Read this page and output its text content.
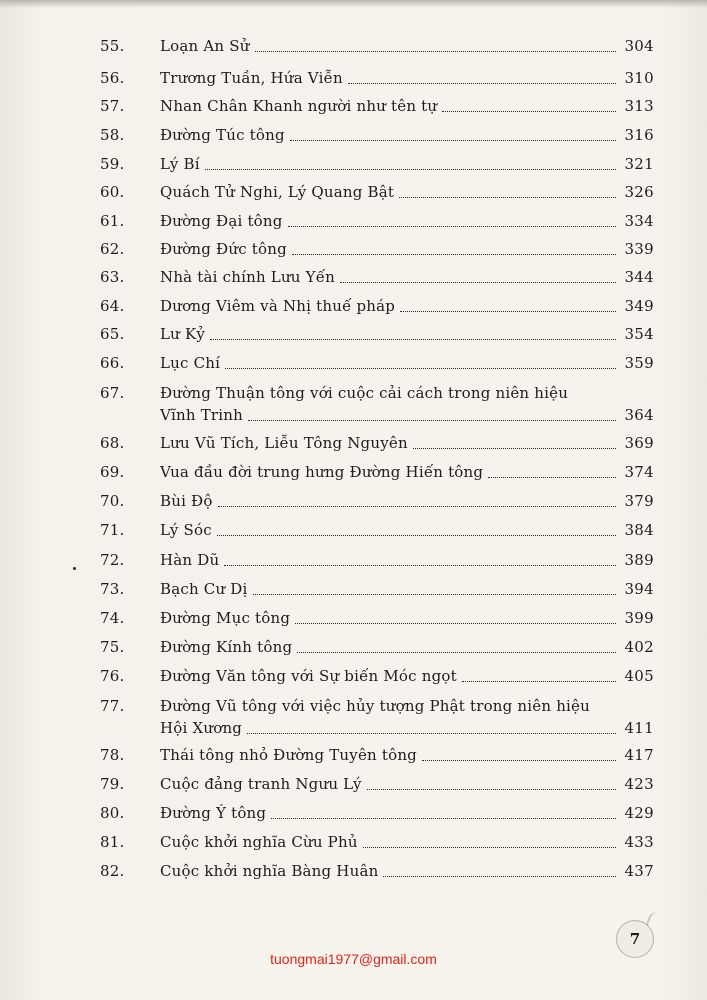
55.	Loạn An Sử	304
56.	Trương Tuần, Hứa Viễn	310
57.	Nhan Chân Khanh người như tên tự	313
58.	Đường Túc tông	316
59.	Lý Bí	321
60.	Quách Tử Nghi, Lý Quang Bật	326
61.	Đường Đại tông	334
62.	Đường Đức tông	339
63.	Nhà tài chính Lưu Yến	344
64.	Dương Viêm và Nhị thuế pháp	349
65.	Lư Kỷ	354
66.	Lục Chí	359
67.	Đường Thuận tông với cuộc cải cách trong niên hiệu
Vĩnh Trinh	364
68.	Lưu Vũ Tích, Liễu Tông Nguyên	369
69.	Vua đầu đời trung hưng Đường Hiến tông	374
70.	Bùi Độ	379
71.	Lý Sóc	384
72.	Hàn Dũ	389
73.	Bạch Cư Dị	394
74.	Đường Mục tông	399
75.	Đường Kính tông	402
76.	Đường Văn tông với Sự biến Móc ngọt	405
77.	Đường Vũ tông với việc hủy tượng Phật trong niên hiệu
Hội Xương	411
78.	Thái tông nhỏ Đường Tuyên tông	417
79.	Cuộc đảng tranh Ngưu Lý	423
80.	Đường Ý tông	429
81.	Cuộc khởi nghĩa Cừu Phủ	433
82.	Cuộc khởi nghĩa Bàng Huân	437
7
tuongmai1977@gmail.com
